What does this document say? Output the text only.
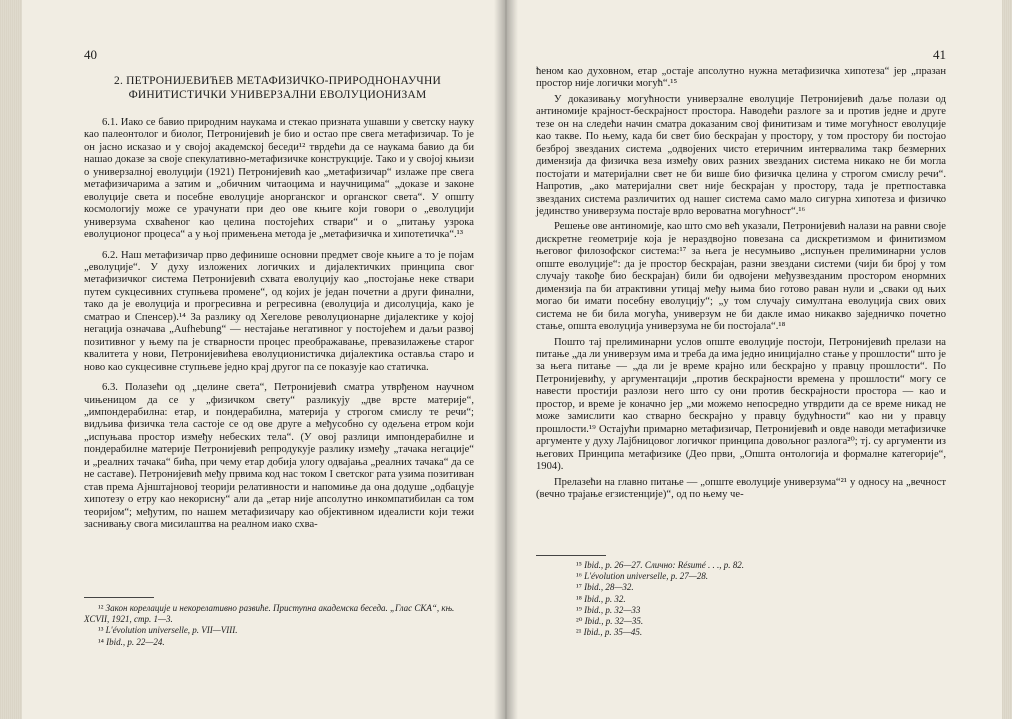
40
2. ПЕТРОНИЈЕВИЋЕВ МЕТАФИЗИЧКО-ПРИРОДНОНАУЧНИ
ФИНИТИСТИЧКИ УНИВЕРЗАЛНИ ЕВОЛУЦИОНИЗАМ

6.1. Иако се бавио природним наукама и стекао призната ушавши у светску науку као палеонтолог и биолог, Петронијевић је био и остао пре свега метафизичар. То је он јасно исказао и у својој академској беседи¹² тврдећи да се наукама бавио да би нашао доказе за своје спекулативно-метафизичке конструкције. Тако и у својој књизи о универзалној еволуцији (1921) Петронијевић као „метафизичар“ излаже пре свега метафизичарима а затим и „обичним читаоцима и научницима“ „доказе и законе еволуције света и посебне еволуције анорганског и органског света“. У општу космологију може се урачунати при део ове књиге који говори о „еволуцији универзума схваћеног као целина постојећих ствари“ и о „питању узрока еволуционог процеса“ а у њој примењена метода је „метафизичка и хипотетичка“.¹³

6.2. Наш метафизичар прво дефинише основни предмет своје књиге а то је појам „еволуције“. У духу изложених логичких и дијалектичких принципа свог метафизичког система Петронијевић схвата еволуцију као „постојање неке ствари путем сукцесивних ступњева промене“, од којих је један почетни а други финални, тако да је еволуција и прогресивна и регресивна (еволуција и дисолуција, како је сматрао и Спенсер).¹⁴ За разлику од Хегелове револуционарне дијалектике у којој негација означава „Aufhebung“ — нестајање негативног у постојећем и даљи развој позитивног у њему па је стварности процес преображавање, превазилажење старог квалитета у нови, Петронијевићева еволуционистичка дијалектика оставља старо и ново као сукцесивне ступњеве једно крај другог па се показује као статичка.

6.3. Полазећи од „целине света“, Петронијевић сматра утврђеном научном чињеницом да се у „физичком свету“ разликују „две врсте материје“, „импондерабилна: етар, и пондерабилна, материја у строгом смислу те речи“; видљива физичка тела састоје се од ове друге а међусобно су одељена етром који „испуњава простор између небеских тела“. (У овој разлици импондерабилне и пондерабилне материје Петронијевић репродукује разлику између „тачака негације“ и „реалних тачака“ бића, при чему етар добија улогу одвајања „реалних тачака“ да се не саставе). Петронијевић међу првима код нас током I светског рата узима позитиван став према Ајнштајновој теорији релативности и напомиње да она додуше „одбацује хипотезу о етру као некорисну“ али да „етар није апсолутно инкомпатибилан са том теоријом“; међутим, по нашем метафизичару као објективном идеалисти који тежи заснивању свога мисилаштва на реалном иако схва-

¹² Закон корелације и некорелативно развиће. Приступна академска беседа. „Глас СКА“, књ. XCVII, 1921, стр. 1—3.
¹³ L'évolution universelle, p. VII—VIII.
¹⁴ Ibid., p. 22—24.
41

ћеном као духовном, етар „остаје апсолутно нужна метафизичка хипотеза“ јер „празан простор није логички могућ“.¹⁵

У доказивању могућности универзалне еволуције Петронијевић даље полази од антиномије крајност-бескрајност простора. Наводећи разлоге за и против једне и друге тезе он на следећи начин сматра доказаним свој финитизам и тиме могућност еволуције као такве. По њему, када би свет био бескрајан у простору, у том простору би постојао безброј звезданих система „одвојених чисто етеричним интервалима такр безмерних димензија да физичка веза између ових разних звезданих система никако не би могла постојати и материјални свет не би више био физичка целина у строгом смислу речи“. Напротив, „ако материјални свет није бескрајан у простору, тада је претпоставка звезданих система различитих од нашег система само мало сигурна хипотеза и физичко јединство универзума постаје врло вероватна могућност“.¹⁶

Решење ове антиномије, као што смо већ указали, Петронијевић налази на равни своје дискретне геометрије која је нераздвојно повезана са дискретизмом и финитизмом његовог филозофског система:¹⁷ за њега је несумњиво „испуњен прелиминарни услов опште еволуције“: да је простор бескрајан, разни звездани системи (чији би број у том случају такође био бескрајан) били би одвојени међузвезданим простором енормних димензија па би атрактивни утицај међу њима био готово раван нули и „сваки од њих могао би имати посебну еволуцију“; „у том случају симултана еволуција свих ових система не би била могућа, универзум не би дакле имао никакво заједничко почетно стање, општа еволуција универзума не би постојала“.¹⁸

Пошто тај прелиминарни услов опште еволуције постоји, Петронијевић прелази на питање „да ли универзум има и треба да има једно иницијално стање у прошлости“ што је за њега питање — „да ли је време крајно или бескрајно у правцу прошлости“. По Петронијевићу, у аргументацији „против бескрајности времена у прошлости“ могу се навести простији разлози него што су они против бескрајности простора — као и простор, и време је коначно јер „ми можемо непосредно утврдити да се време никад не може замислити као стварно бескрајно у правцу будућности“ као ни у правцу прошлости.¹⁹ Остајући примарно метафизичар, Петронијевић и овде наводи метафизичке аргументе у духу Лајбницовог логичког принципа довољног разлога²⁰; тј. су аргументи из његових Принципа метафизике (Део први, „Општа онтологија и формалне категорије“, 1904).

Прелазећи на главно питање — „опште еволуције универзума“²¹ у односу на „вечност (вечно трајање егзистенције)“, од по њему че-

¹⁵ Ibid., p. 26—27. Слично: Résumé . . ., p. 82.
¹⁶ L'évolution universelle, p. 27—28.
¹⁷ Ibid., 28—32.
¹⁸ Ibid., p. 32.
¹⁹ Ibid., p. 32—33
²⁰ Ibid., p. 32—35.
²¹ Ibid., p. 35—45.
